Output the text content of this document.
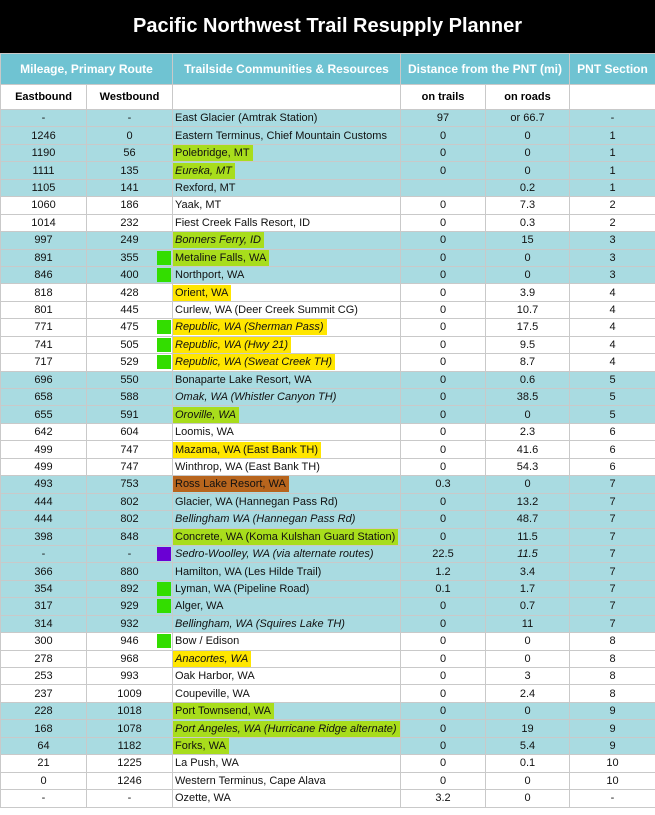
Pacific Northwest Trail Resupply Planner
Mileage, Primary Route		Trailside Communities & Resources	Distance from the PNT (mi)		PNT Section
Eastbound	Westbound		on trails	on roads	
-	-	East Glacier (Amtrak Station)	97	or 66.7	-
1246	0	Eastern Terminus, Chief Mountain Customs	0	0	1
1190	56	Polebridge, MT	0	0	1
1111	135	Eureka, MT	0	0	1
1105	141	Rexford, MT		0.2	1
1060	186	Yaak, MT	0	7.3	2
1014	232	Fiest Creek Falls Resort, ID	0	0.3	2
997	249	Bonners Ferry, ID	0	15	3
891	355	Metaline Falls, WA	0	0	3
846	400	Northport, WA	0	0	3
818	428	Orient, WA	0	3.9	4
801	445	Curlew, WA (Deer Creek Summit CG)	0	10.7	4
771	475	Republic, WA (Sherman Pass)	0	17.5	4
741	505	Republic, WA (Hwy 21)	0	9.5	4
717	529	Republic, WA (Sweat Creek TH)	0	8.7	4
696	550	Bonaparte Lake Resort, WA	0	0.6	5
658	588	Omak, WA (Whistler Canyon TH)	0	38.5	5
655	591	Oroville, WA	0	0	5
642	604	Loomis, WA	0	2.3	6
499	747	Mazama, WA (East Bank TH)	0	41.6	6
499	747	Winthrop, WA (East Bank TH)	0	54.3	6
493	753	Ross Lake Resort, WA	0.3	0	7
444	802	Glacier, WA (Hannegan Pass Rd)	0	13.2	7
444	802	Bellingham WA (Hannegan Pass Rd)	0	48.7	7
398	848	Concrete, WA (Koma Kulshan Guard Station)	0	11.5	7
-	-	Sedro-Woolley, WA (via alternate routes)	22.5	11.5	7
366	880	Hamilton, WA (Les Hilde Trail)	1.2	3.4	7
354	892	Lyman, WA (Pipeline Road)	0.1	1.7	7
317	929	Alger, WA	0	0.7	7
314	932	Bellingham, WA (Squires Lake TH)	0	11	7
300	946	Bow / Edison	0	0	8
278	968	Anacortes, WA	0	0	8
253	993	Oak Harbor, WA	0	3	8
237	1009	Coupeville, WA	0	2.4	8
228	1018	Port Townsend, WA	0	0	9
168	1078	Port Angeles, WA (Hurricane Ridge alternate)	0	19	9
64	1182	Forks, WA	0	5.4	9
21	1225	La Push, WA	0	0.1	10
0	1246	Western Terminus, Cape Alava	0	0	10
-	-	Ozette, WA	3.2	0	-
